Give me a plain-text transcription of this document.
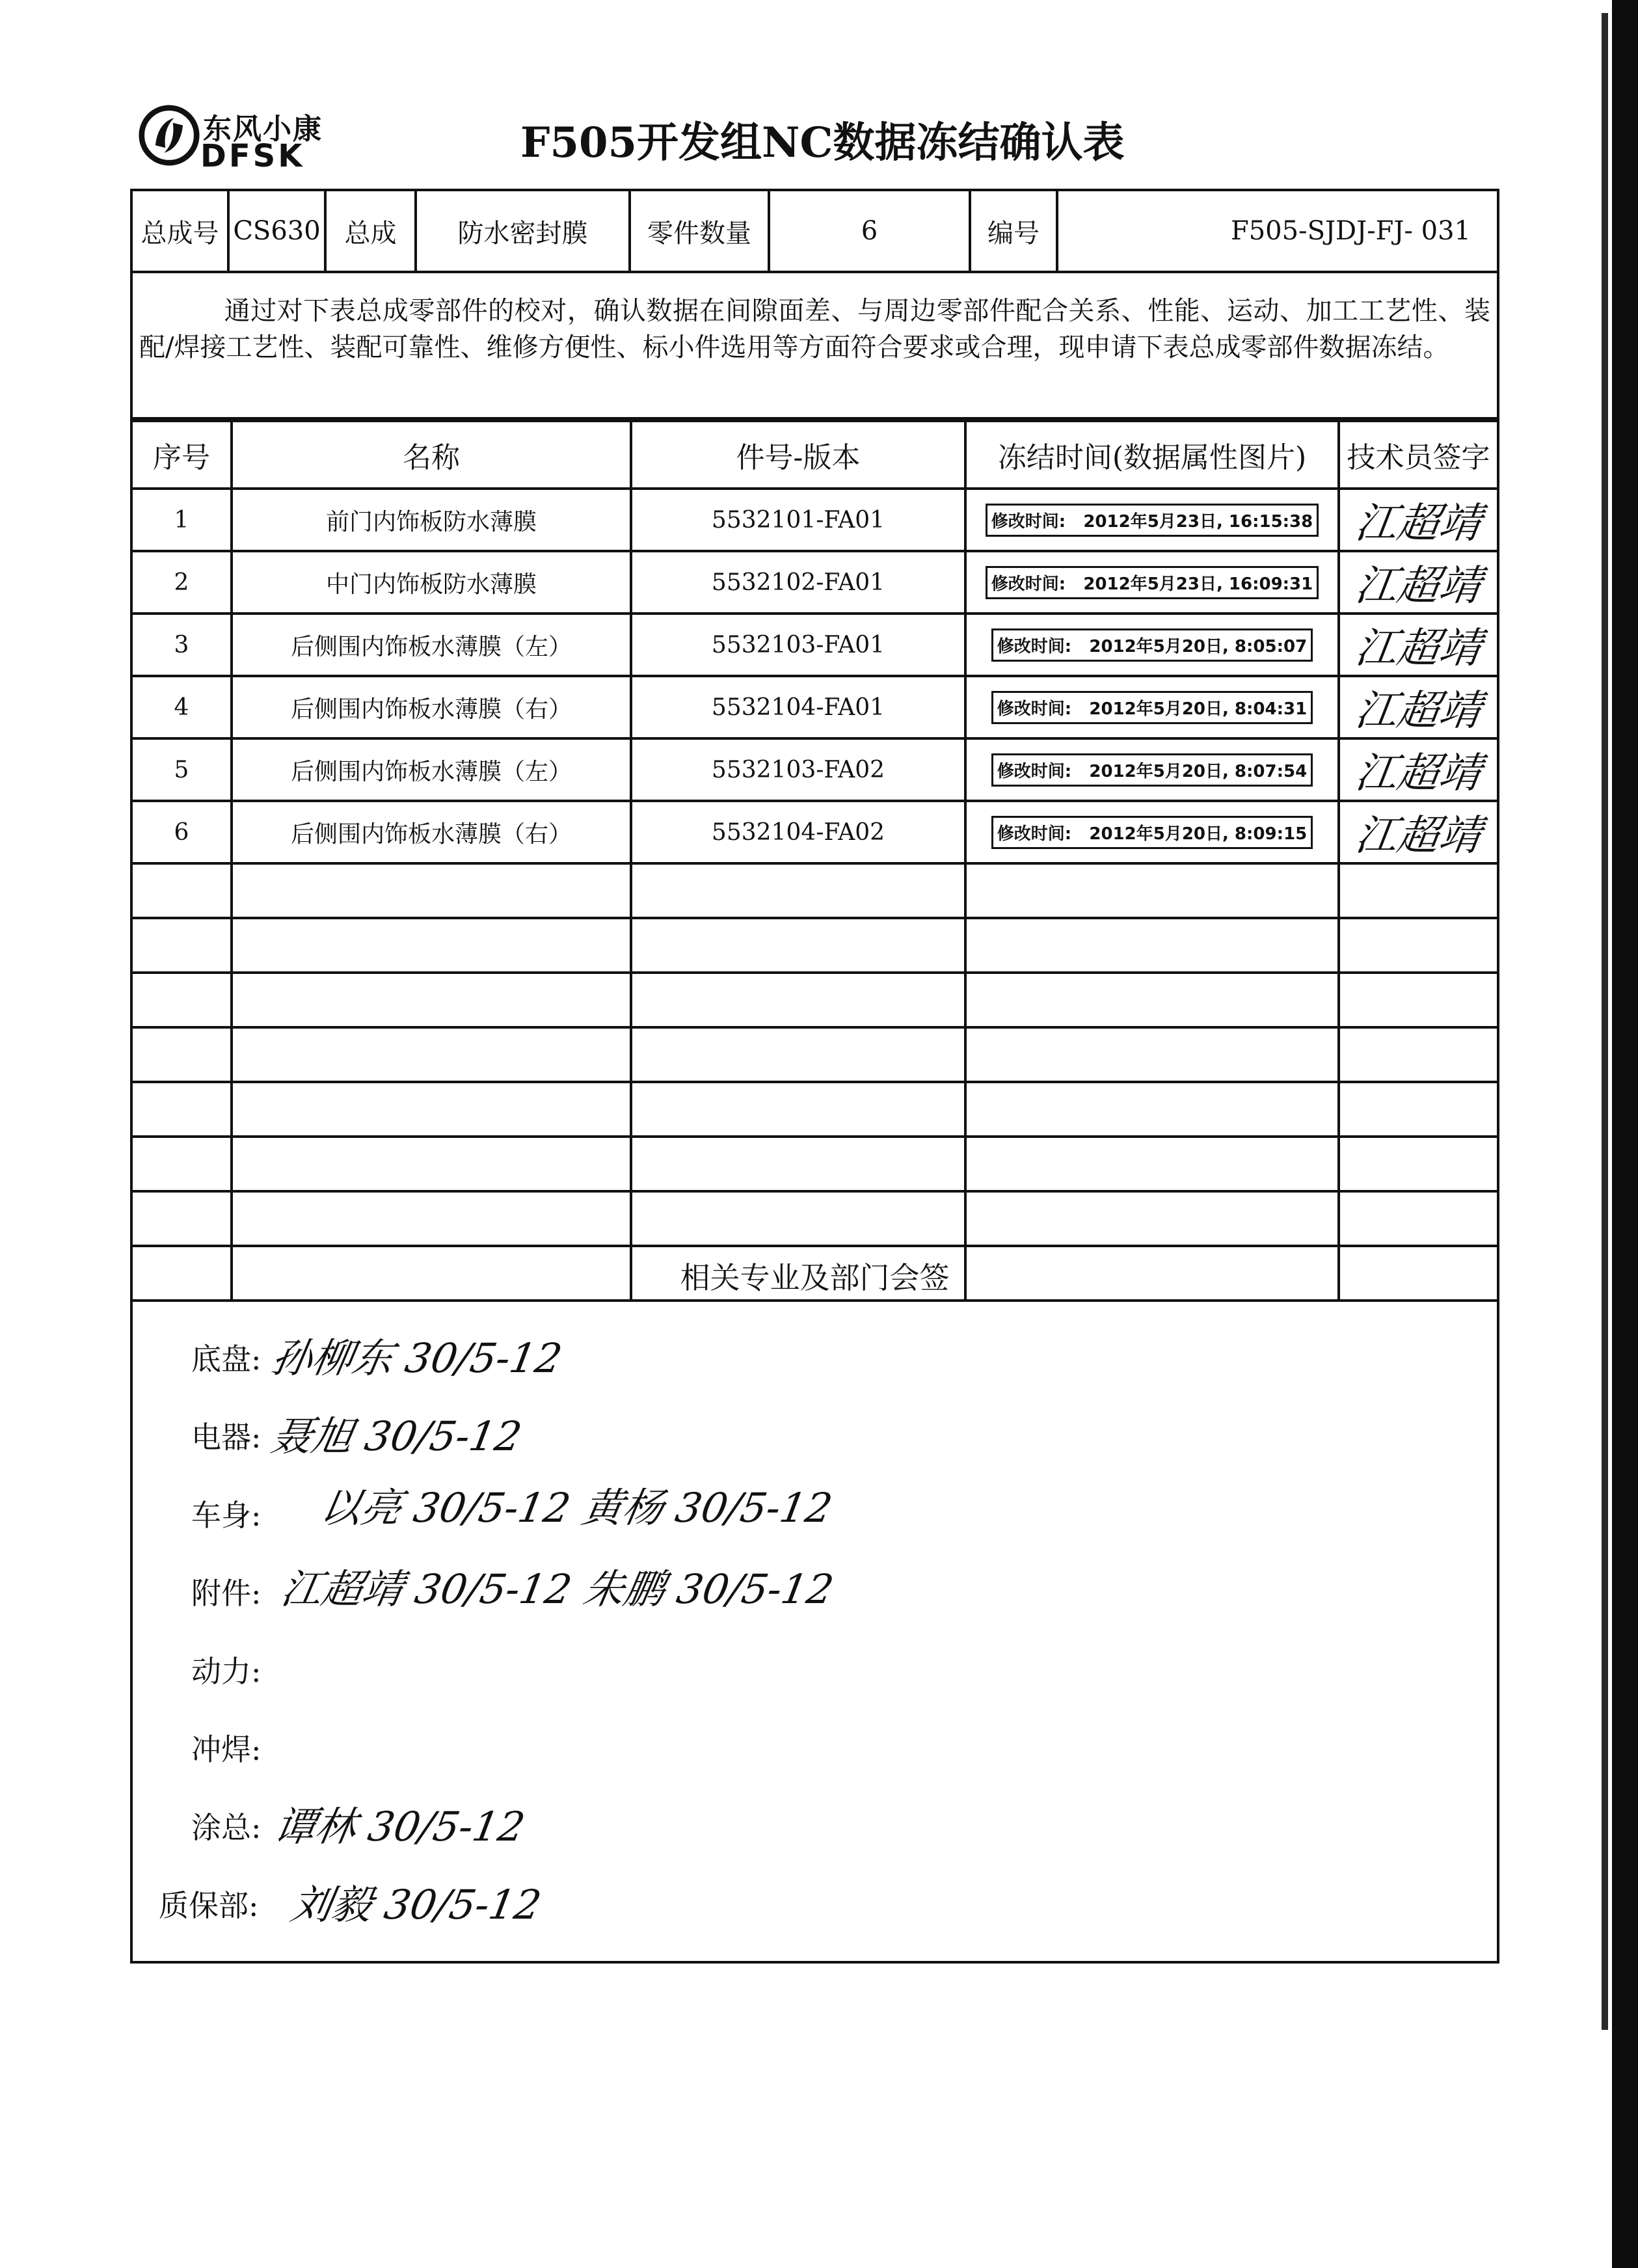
东风小康
DFSK	F505开发组NC数据冻结确认表
总成号	CS630	总成	防水密封膜	零件数量	6	编号	F505-SJDJ-FJ- 031
通过对下表总成零部件的校对，确认数据在间隙面差、与周边零部件配合关系、性能、运动、加工工艺性、装配/焊接工艺性、装配可靠性、维修方便性、标小件选用等方面符合要求或合理，现申请下表总成零部件数据冻结。
序号	名称	件号-版本	冻结时间(数据属性图片)	技术员签字
1	前门内饰板防水薄膜	5532101-FA01	修改时间: 2012年5月23日, 16:15:38	江超靖
2	中门内饰板防水薄膜	5532102-FA01	修改时间: 2012年5月23日, 16:09:31	江超靖
3	后侧围内饰板水薄膜（左）	5532103-FA01	修改时间: 2012年5月20日, 8:05:07	江超靖
4	后侧围内饰板水薄膜（右）	5532104-FA01	修改时间: 2012年5月20日, 8:04:31	江超靖
5	后侧围内饰板水薄膜（左）	5532103-FA02	修改时间: 2012年5月20日, 8:07:54	江超靖
6	后侧围内饰板水薄膜（右）	5532104-FA02	修改时间: 2012年5月20日, 8:09:15	江超靖

相关专业及部门会签
底盘: 孙柳东 30/5-12
电器: 聂旭 30/5-12
车身: 以亮 30/5-12 黄杨 30/5-12
附件: 江超靖 30/5-12 朱鹏 30/5-12
动力:
冲焊:
涂总: 谭林 30/5-12
质保部: 刘毅 30/5-12
